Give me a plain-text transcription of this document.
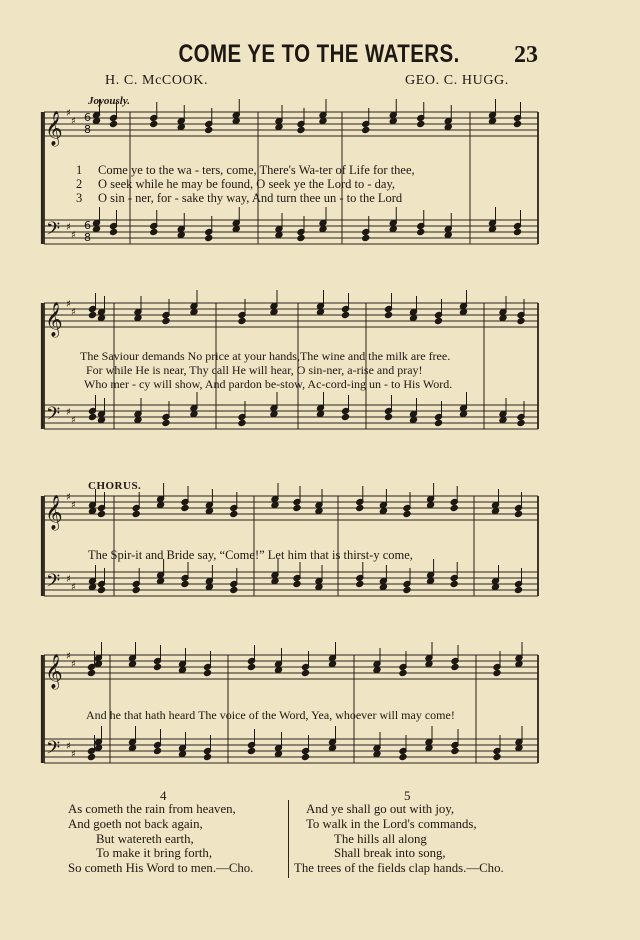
COME YE TO THE WATERS.	23
H. C. McCOOK.	GEO. C. HUGG.
Joyously.
CHORUS.
𝄞 ♯
♯
𝄢 ♯
♯
𝄞 ♯
♯
𝄢 ♯
♯
𝄞 ♯
♯
𝄢 ♯
♯
𝄞 ♯
♯
𝄢 ♯
♯
6
8
6
8
1 Come ye to the wa - ters, come, There's Wa-ter of Life for thee,
2 O seek while he may be found, O seek ye the Lord to - day,
3 O sin - ner, for - sake thy way, And turn thee un - to the Lord
The Saviour demands No price at your hands,The wine and the milk are free.
For while He is near, Thy call He will hear, O sin-ner, a-rise and pray!
Who mer - cy will show, And pardon be-stow, Ac-cord-ing un - to His Word.
The Spir-it and Bride say, “Come!” Let him that is thirst-y come,
And he that hath heard The voice of the Word, Yea, whoever will may come!
4
As cometh the rain from heaven,
And goeth not back again,
But watereth earth,
To make it bring forth,
So cometh His Word to men.—Cho.
5
And ye shall go out with joy,
To walk in the Lord's commands,
The hills all along
Shall break into song,
The trees of the fields clap hands.—Cho.
